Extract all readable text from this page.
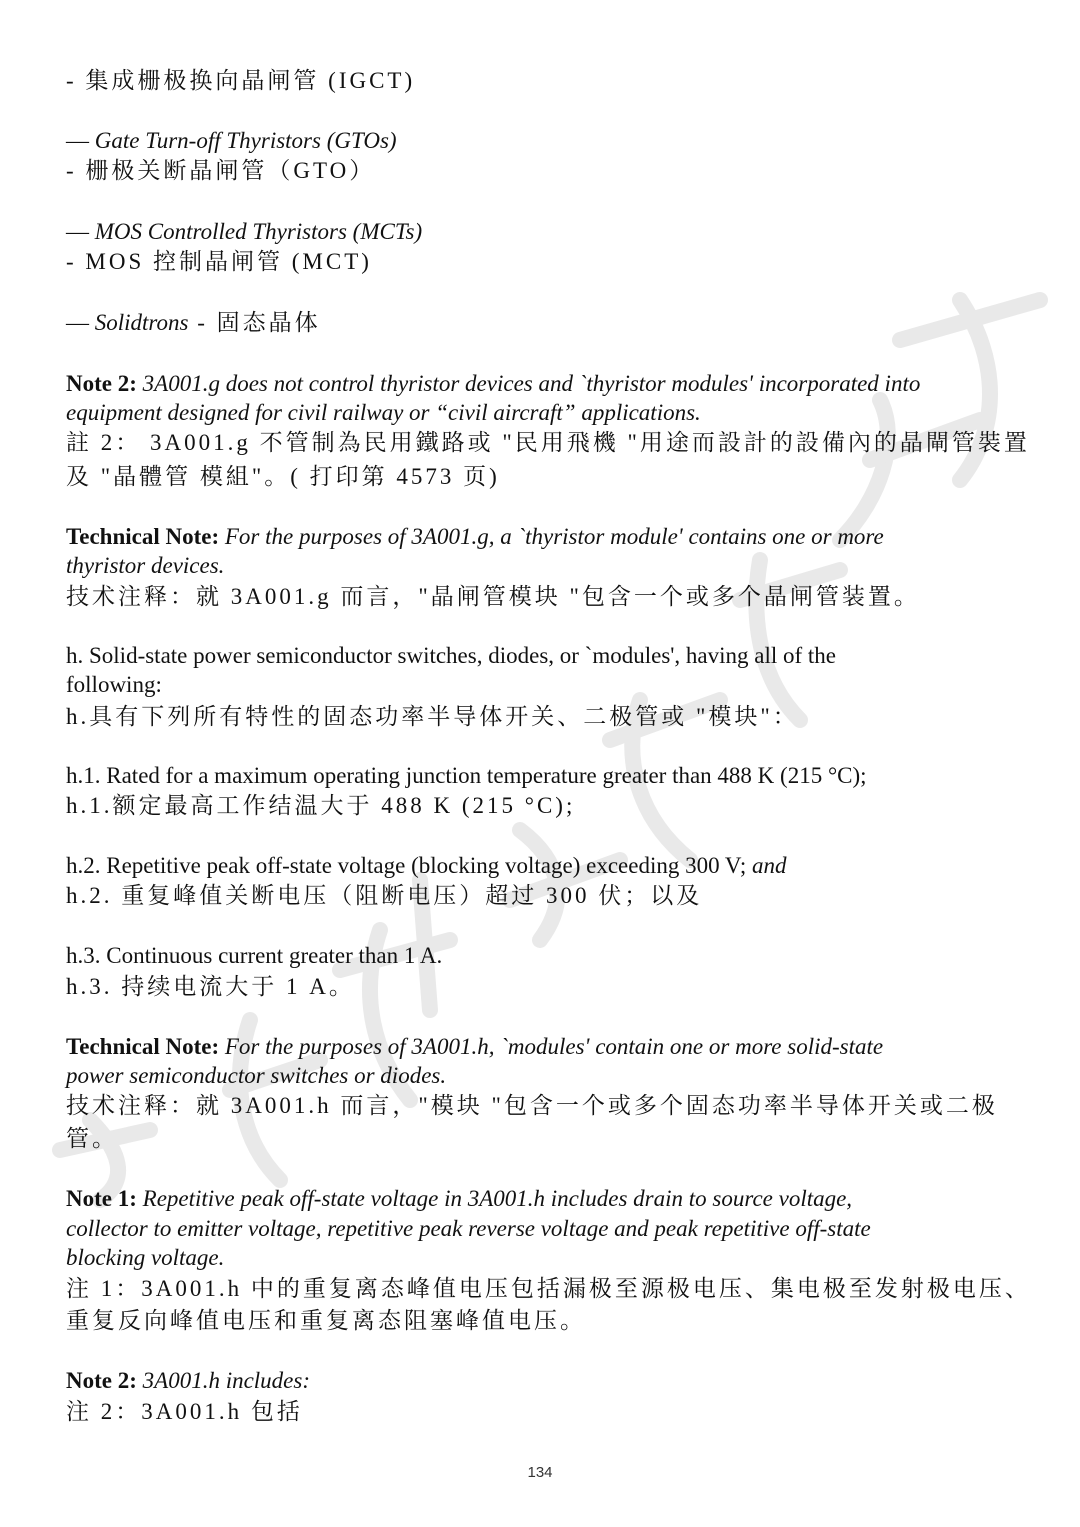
- 集成栅极换向晶闸管 (IGCT)
— Gate Turn-off Thyristors (GTOs)
- 栅极关断晶闸管（GTO）
— MOS Controlled Thyristors (MCTs)
- MOS 控制晶闸管 (MCT)
— Solidtrons - 固态晶体
Note 2: 3A001.g does not control thyristor devices and `thyristor modules' incorporated into
equipment designed for civil railway or “civil aircraft” applications.
註 2： 3A001.g 不管制為民用鐵路或 "民用飛機 "用途而設計的設備內的晶閘管裝置
及 "晶體管 模組"。( 打印第 4573 页)
Technical Note: For the purposes of 3A001.g, a `thyristor module' contains one or more
thyristor devices.
技术注释：就 3A001.g 而言，"晶闸管模块 "包含一个或多个晶闸管装置。
h. Solid-state power semiconductor switches, diodes, or `modules', having all of the
following:
h.具有下列所有特性的固态功率半导体开关、二极管或 "模块"：
h.1. Rated for a maximum operating junction temperature greater than 488 K (215 °C);
h.1.额定最高工作结温大于 488 K (215 °C);
h.2. Repetitive peak off-state voltage (blocking voltage) exceeding 300 V; and
h.2. 重复峰值关断电压（阻断电压）超过 300 伏；以及
h.3. Continuous current greater than 1 A.
h.3. 持续电流大于 1 A。
Technical Note: For the purposes of 3A001.h, `modules' contain one or more solid-state
power semiconductor switches or diodes.
技术注释：就 3A001.h 而言，"模块 "包含一个或多个固态功率半导体开关或二极
管。
Note 1: Repetitive peak off-state voltage in 3A001.h includes drain to source voltage,
collector to emitter voltage, repetitive peak reverse voltage and peak repetitive off-state
blocking voltage.
注 1：3A001.h 中的重复离态峰值电压包括漏极至源极电压、集电极至发射极电压、
重复反向峰值电压和重复离态阻塞峰值电压。
Note 2: 3A001.h includes:
注 2：3A001.h 包括
134
